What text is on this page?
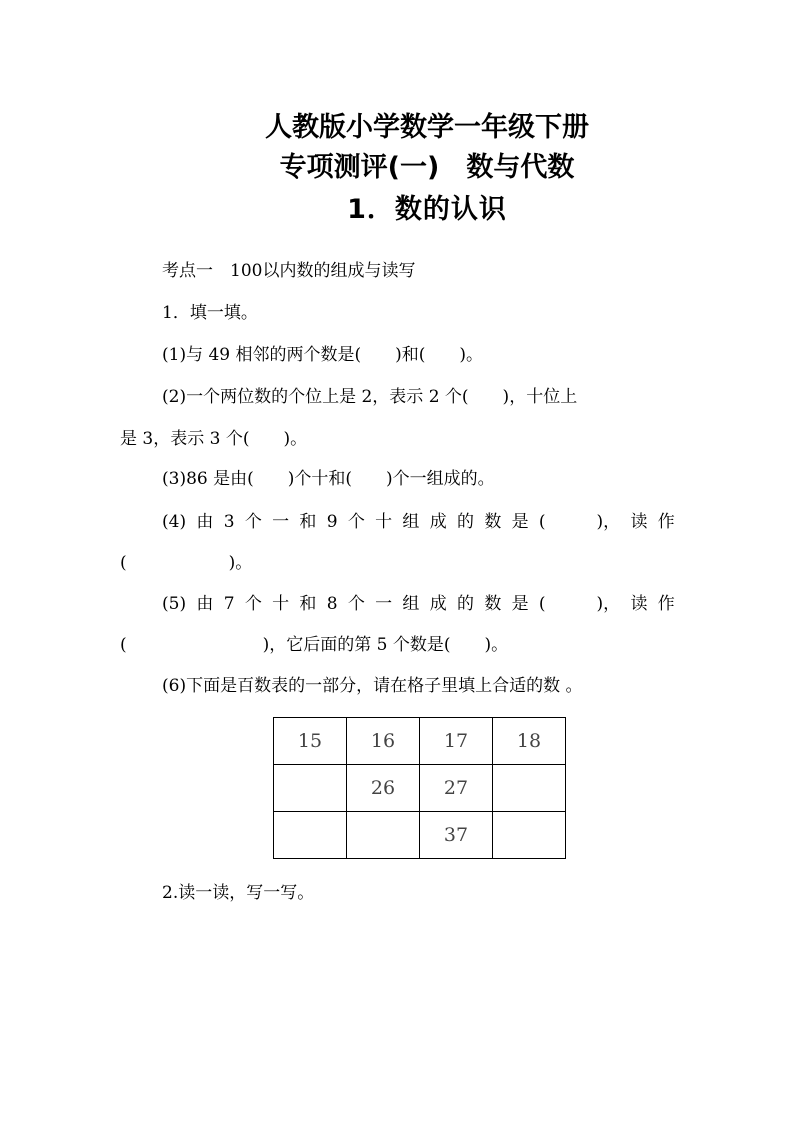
人教版小学数学一年级下册
专项测评(一)　数与代数
1．数的认识

考点一　100以内数的组成与读写

1．填一填。

(1)与 49 相邻的两个数是(　　)和(　　)。

(2)一个两位数的个位上是 2，表示 2 个(　　)，十位上

是 3，表示 3 个(　　)。

(3)86 是由(　　)个十和(　　)个一组成的。

(4) 由 3 个 一 和 9 个 十 组 成 的 数 是 (　　　)， 读 作

(　　　　　　)。

(5) 由 7 个 十 和 8 个 一 组 成 的 数 是 (　　　)， 读 作

(　　　　　　　　)，它后面的第 5 个数是(　　)。

(6)下面是百数表的一部分，请在格子里填上合适的数 。

15	16	17	18
	26	27	
		37	

2.读一读，写一写。
